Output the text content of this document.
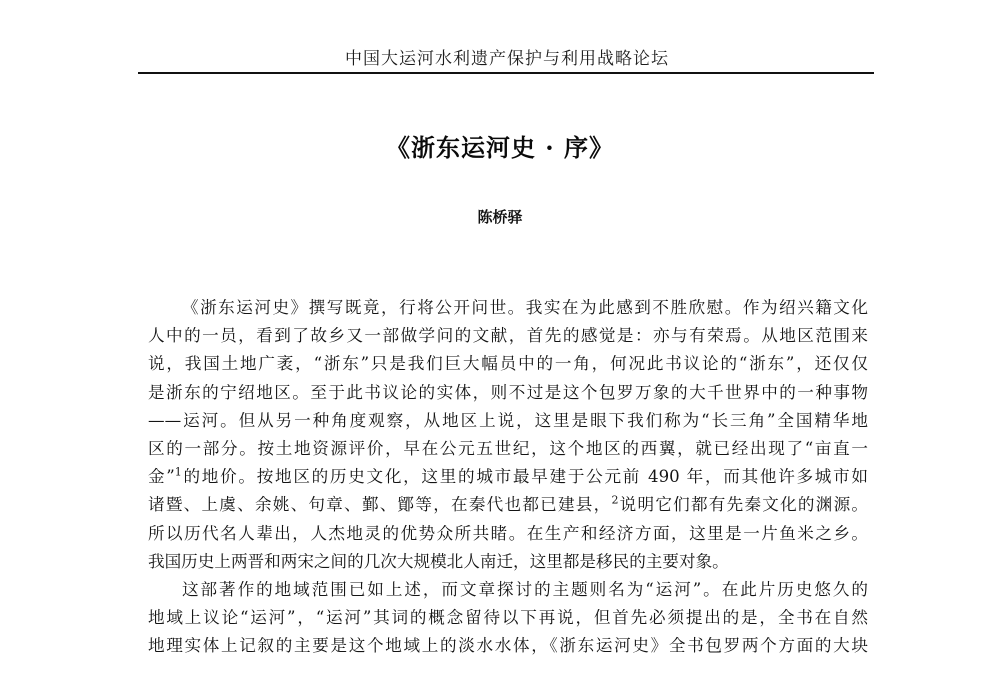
中国大运河水利遗产保护与利用战略论坛
《浙东运河史 · 序》
陈桥驿
《浙东运河史》撰写既竟，行将公开问世。我实在为此感到不胜欣慰。作为绍兴籍文化
人中的一员，看到了故乡又一部做学问的文献，首先的感觉是：亦与有荣焉。从地区范围来
说，我国土地广袤，“浙东”只是我们巨大幅员中的一角，何况此书议论的“浙东”，还仅仅
是浙东的宁绍地区。至于此书议论的实体，则不过是这个包罗万象的大千世界中的一种事物
——运河。但从另一种角度观察，从地区上说，这里是眼下我们称为“长三角”全国精华地
区的一部分。按土地资源评价，早在公元五世纪，这个地区的西翼，就已经出现了“亩直一
金”$^1$的地价。按地区的历史文化，这里的城市最早建于公元前 490 年，而其他许多城市如
诸暨、上虞、余姚、句章、鄞、鄮等，在秦代也都已建县，$^2$说明它们都有先秦文化的渊源。
所以历代名人辈出，人杰地灵的优势众所共睹。在生产和经济方面，这里是一片鱼米之乡。
我国历史上两晋和两宋之间的几次大规模北人南迁，这里都是移民的主要对象。
这部著作的地域范围已如上述，而文章探讨的主题则名为“运河”。在此片历史悠久的
地域上议论“运河”，“运河”其词的概念留待以下再说，但首先必须提出的是，全书在自然
地理实体上记叙的主要是这个地域上的淡水水体，《浙东运河史》全书包罗两个方面的大块
